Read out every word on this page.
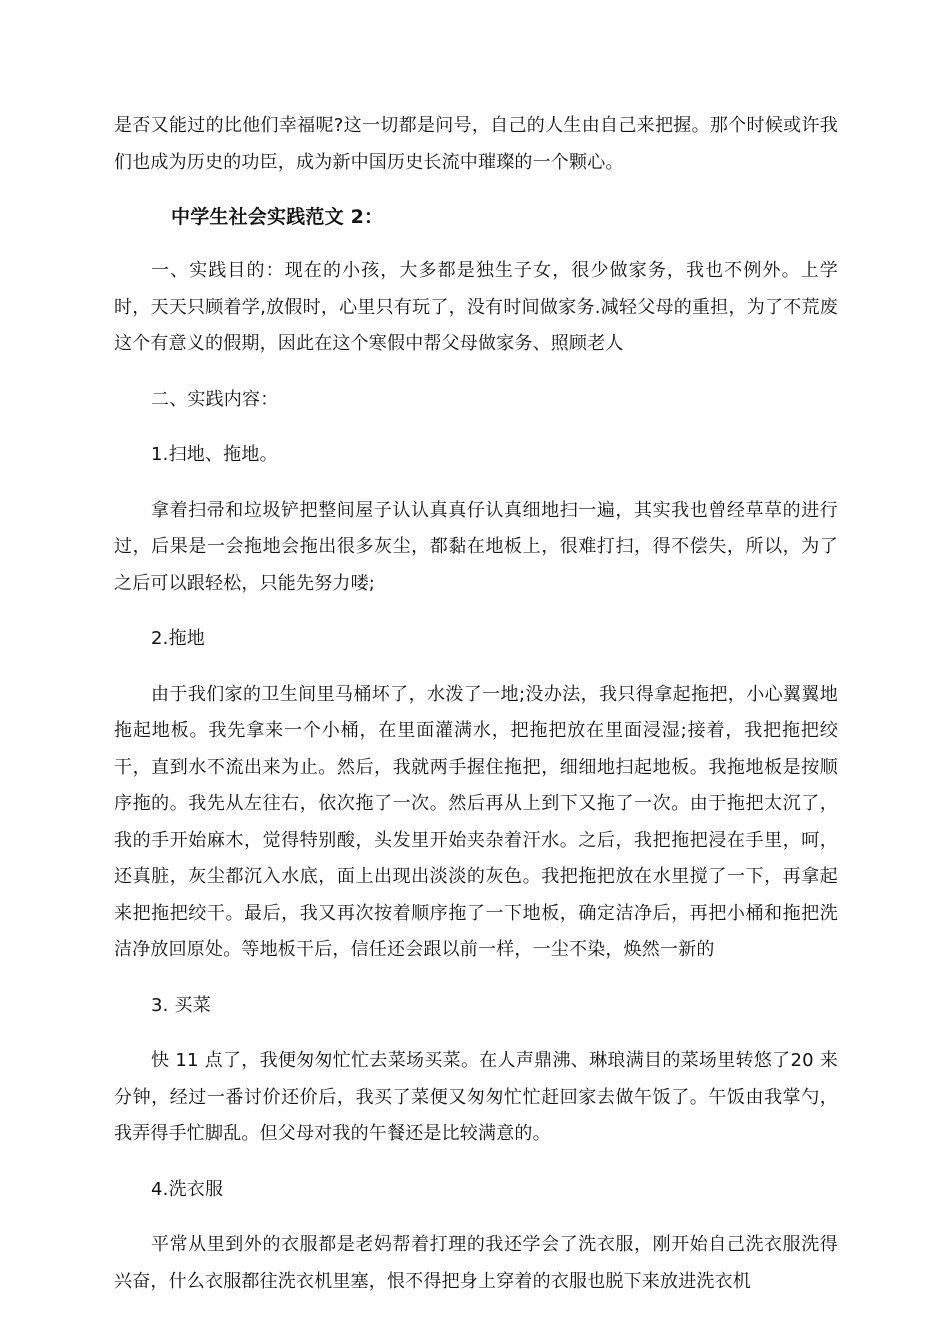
是否又能过的比他们幸福呢?这一切都是问号，自己的人生由自己来把握。那个时候或许我们也成为历史的功臣，成为新中国历史长流中璀璨的一个颗心。

中学生社会实践范文 2：

一、实践目的：现在的小孩，大多都是独生子女，很少做家务，我也不例外。上学时，天天只顾着学,放假时，心里只有玩了，没有时间做家务.减轻父母的重担，为了不荒废这个有意义的假期，因此在这个寒假中帮父母做家务、照顾老人

二、实践内容：

1.扫地、拖地。

拿着扫帚和垃圾铲把整间屋子认认真真仔认真细地扫一遍，其实我也曾经草草的进行过，后果是一会拖地会拖出很多灰尘，都黏在地板上，很难打扫，得不偿失，所以，为了之后可以跟轻松，只能先努力喽;

2.拖地

由于我们家的卫生间里马桶坏了，水泼了一地;没办法，我只得拿起拖把，小心翼翼地拖起地板。我先拿来一个小桶，在里面灌满水，把拖把放在里面浸湿;接着，我把拖把绞干，直到水不流出来为止。然后，我就两手握住拖把，细细地扫起地板。我拖地板是按顺序拖的。我先从左往右，依次拖了一次。然后再从上到下又拖了一次。由于拖把太沉了，我的手开始麻木，觉得特别酸，头发里开始夹杂着汗水。之后，我把拖把浸在手里，呵，还真脏，灰尘都沉入水底，面上出现出淡淡的灰色。我把拖把放在水里搅了一下，再拿起来把拖把绞干。最后，我又再次按着顺序拖了一下地板，确定洁净后，再把小桶和拖把洗洁净放回原处。等地板干后，信任还会跟以前一样，一尘不染，焕然一新的

3. 买菜

快 11 点了，我便匆匆忙忙去菜场买菜。在人声鼎沸、琳琅满目的菜场里转悠了20 来分钟，经过一番讨价还价后，我买了菜便又匆匆忙忙赶回家去做午饭了。午饭由我掌勺，我弄得手忙脚乱。但父母对我的午餐还是比较满意的。

4.洗衣服

平常从里到外的衣服都是老妈帮着打理的我还学会了洗衣服，刚开始自己洗衣服洗得兴奋，什么衣服都往洗衣机里塞，恨不得把身上穿着的衣服也脱下来放进洗衣机
